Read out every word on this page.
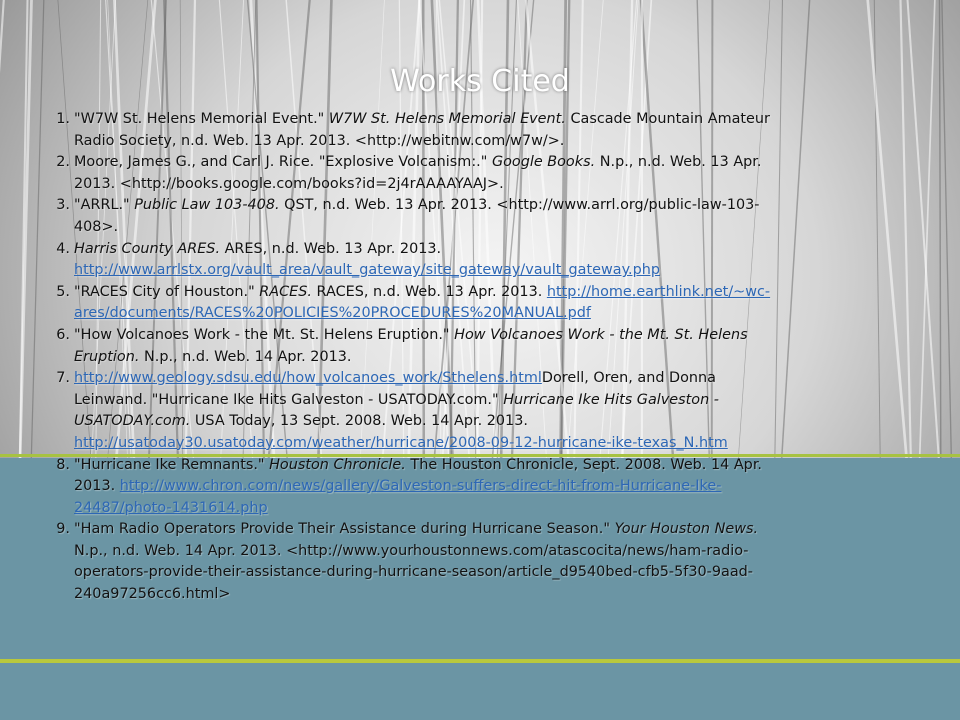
Works Cited
1. "W7W St. Helens Memorial Event." W7W St. Helens Memorial Event. Cascade Mountain Amateur Radio Society, n.d. Web. 13 Apr. 2013. <http://webitnw.com/w7w/>.
2. Moore, James G., and Carl J. Rice. "Explosive Volcanism:." Google Books. N.p., n.d. Web. 13 Apr. 2013. <http://books.google.com/books?id=2j4rAAAAYAAJ>.
3. "ARRL." Public Law 103-408. QST, n.d. Web. 13 Apr. 2013. <http://www.arrl.org/public-law-103-408>.
4. Harris County ARES. ARES, n.d. Web. 13 Apr. 2013. http://www.arrlstx.org/vault_area/vault_gateway/site_gateway/vault_gateway.php
5. "RACES City of Houston." RACES. RACES, n.d. Web. 13 Apr. 2013. http://home.earthlink.net/~wc-ares/documents/RACES%20POLICIES%20PROCEDURES%20MANUAL.pdf
6. "How Volcanoes Work - the Mt. St. Helens Eruption." How Volcanoes Work - the Mt. St. Helens Eruption. N.p., n.d. Web. 14 Apr. 2013.
7. http://www.geology.sdsu.edu/how_volcanoes_work/Sthelens.htmlDorell, Oren, and Donna Leinwand. "Hurricane Ike Hits Galveston - USATODAY.com." Hurricane Ike Hits Galveston - USATODAY.com. USA Today, 13 Sept. 2008. Web. 14 Apr. 2013. http://usatoday30.usatoday.com/weather/hurricane/2008-09-12-hurricane-ike-texas_N.htm
8. "Hurricane Ike Remnants." Houston Chronicle. The Houston Chronicle, Sept. 2008. Web. 14 Apr. 2013. http://www.chron.com/news/gallery/Galveston-suffers-direct-hit-from-Hurricane-Ike-24487/photo-1431614.php
9. "Ham Radio Operators Provide Their Assistance during Hurricane Season." Your Houston News. N.p., n.d. Web. 14 Apr. 2013. <http://www.yourhoustonnews.com/atascocita/news/ham-radio-operators-provide-their-assistance-during-hurricane-season/article_d9540bed-cfb5-5f30-9aad-240a97256cc6.html>
